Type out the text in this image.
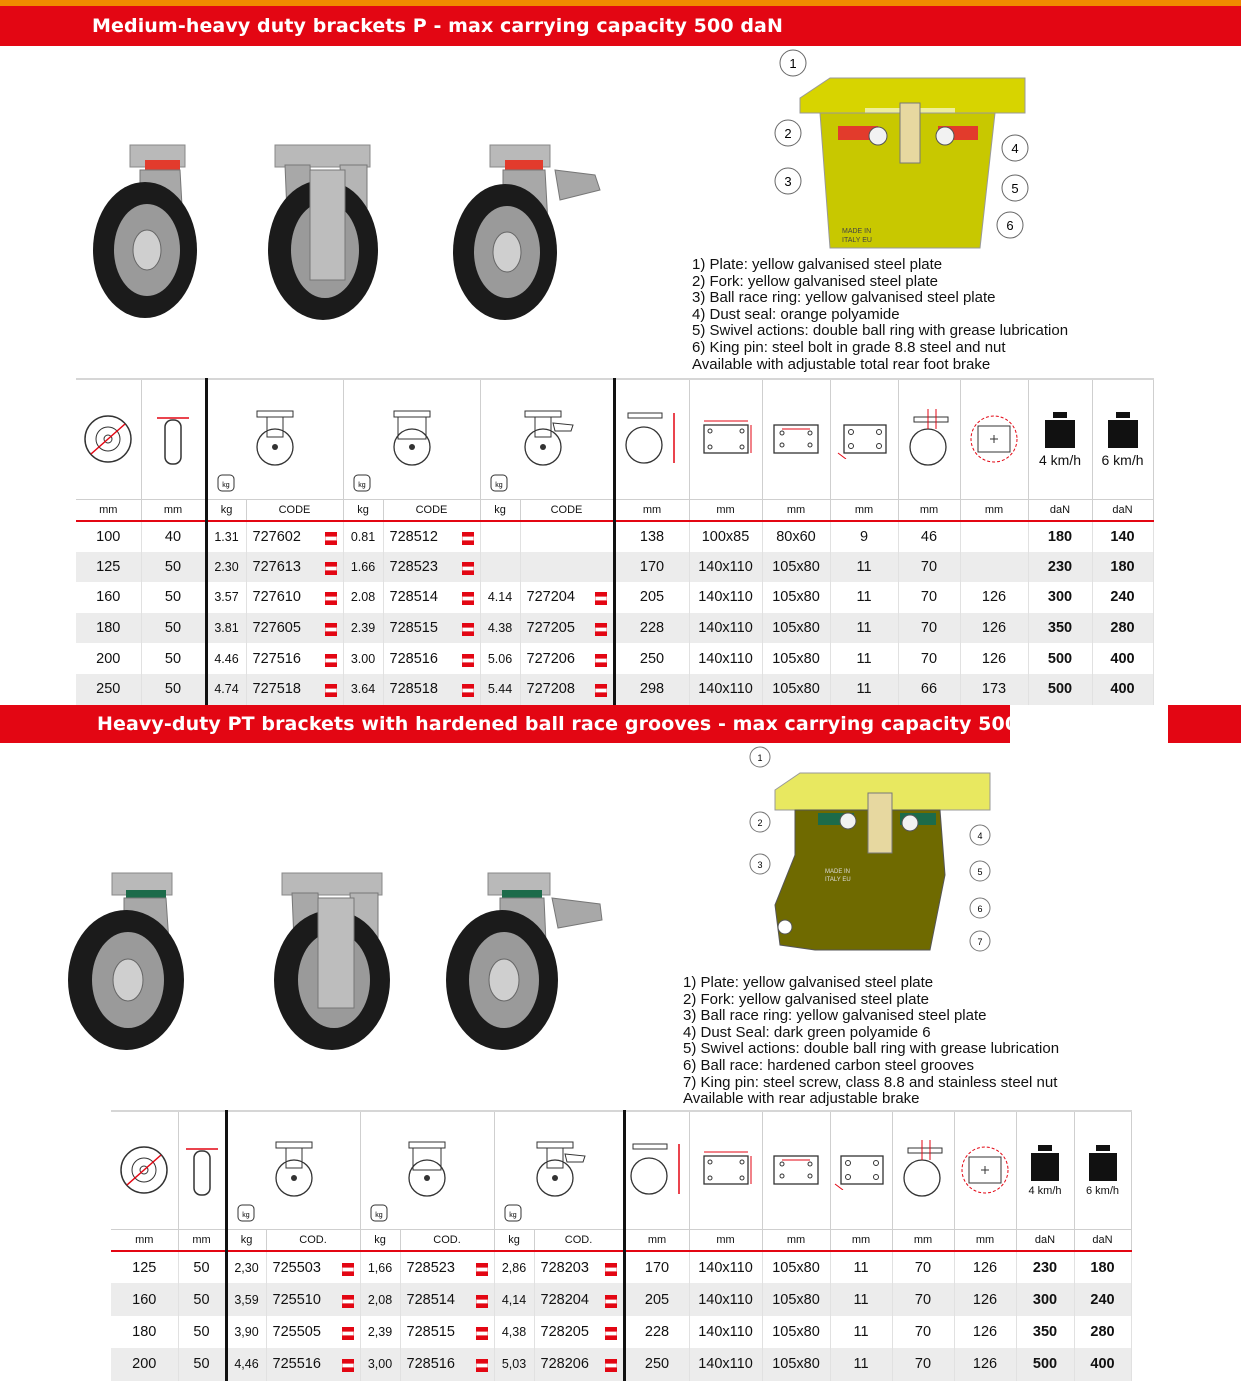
Medium-heavy duty brackets P - max carrying capacity 500 daN
1
2
3
4
5
6
MADE IN
ITALY EU
1) Plate: yellow galvanised steel plate
2) Fork: yellow galvanised steel plate
3) Ball race ring: yellow galvanised steel plate
4) Dust seal: orange polyamide
5) Swivel actions: double ball ring with grease lubrication
6) King pin: steel bolt in grade 8.8 steel and nut
Available with adjustable total rear foot brake

kg		kg		kg								4 km/h	6 km/h

mm	mm	kg	CODE	kg	CODE	kg	CODE	mm	mm	mm	mm	mm	mm	daN	daN
100	40	1.31	727602	0.81	728512			138	100x85	80x60	9	46		180	140
125	50	2.30	727613	1.66	728523			170	140x110	105x80	11	70		230	180
160	50	3.57	727610	2.08	728514	4.14	727204	205	140x110	105x80	11	70	126	300	240
180	50	3.81	727605	2.39	728515	4.38	727205	228	140x110	105x80	11	70	126	350	280
200	50	4.46	727516	3.00	728516	5.06	727206	250	140x110	105x80	11	70	126	500	400
250	50	4.74	727518	3.64	728518	5.44	727208	298	140x110	105x80	11	66	173	500	400
Heavy-duty PT brackets with hardened ball race grooves - max carrying capacity 500 daN
1
2
3
4
5
6
7
MADE IN
ITALY EU
1) Plate: yellow galvanised steel plate
2) Fork: yellow galvanised steel plate
3) Ball race ring: yellow galvanised steel plate
4) Dust Seal: dark green polyamide 6
5) Swivel actions: double ball ring with grease lubrication
6) Ball race: hardened carbon steel grooves
7) King pin: steel screw, class 8.8 and stainless steel nut
Available with rear adjustable brake

kg		kg		kg								4 km/h	6 km/h

mm	mm	kg	COD.	kg	COD.	kg	COD.	mm	mm	mm	mm	mm	mm	daN	daN
125	50	2,30	725503	1,66	728523	2,86	728203	170	140x110	105x80	11	70	126	230	180
160	50	3,59	725510	2,08	728514	4,14	728204	205	140x110	105x80	11	70	126	300	240
180	50	3,90	725505	2,39	728515	4,38	728205	228	140x110	105x80	11	70	126	350	280
200	50	4,46	725516	3,00	728516	5,03	728206	250	140x110	105x80	11	70	126	500	400
